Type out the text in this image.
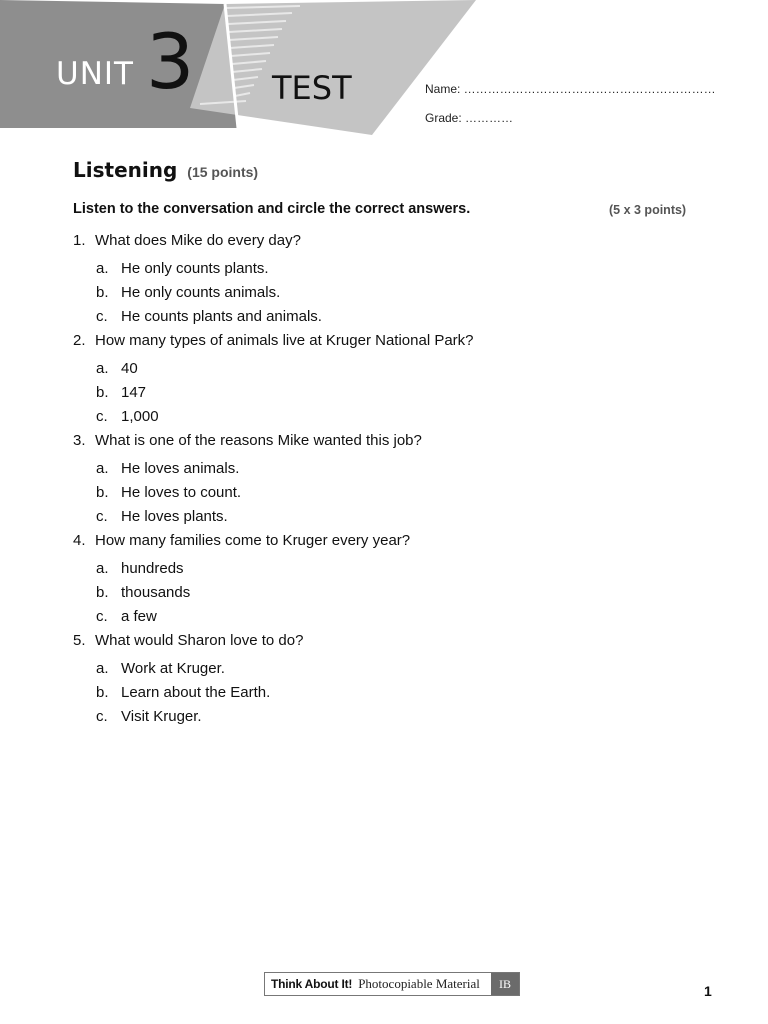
UNIT 3 TEST	Name: ………………………………………………………
Grade: …………
Listening (15 points)
Listen to the conversation and circle the correct answers.	(5 x 3 points)
1. What does Mike do every day?
a. He only counts plants.
b. He only counts animals.
c. He counts plants and animals.
2. How many types of animals live at Kruger National Park?
a. 40
b. 147
c. 1,000
3. What is one of the reasons Mike wanted this job?
a. He loves animals.
b. He loves to count.
c. He loves plants.
4. How many families come to Kruger every year?
a. hundreds
b. thousands
c. a few
5. What would Sharon love to do?
a. Work at Kruger.
b. Learn about the Earth.
c. Visit Kruger.
Think About It! Photocopiable Material	IB	1
